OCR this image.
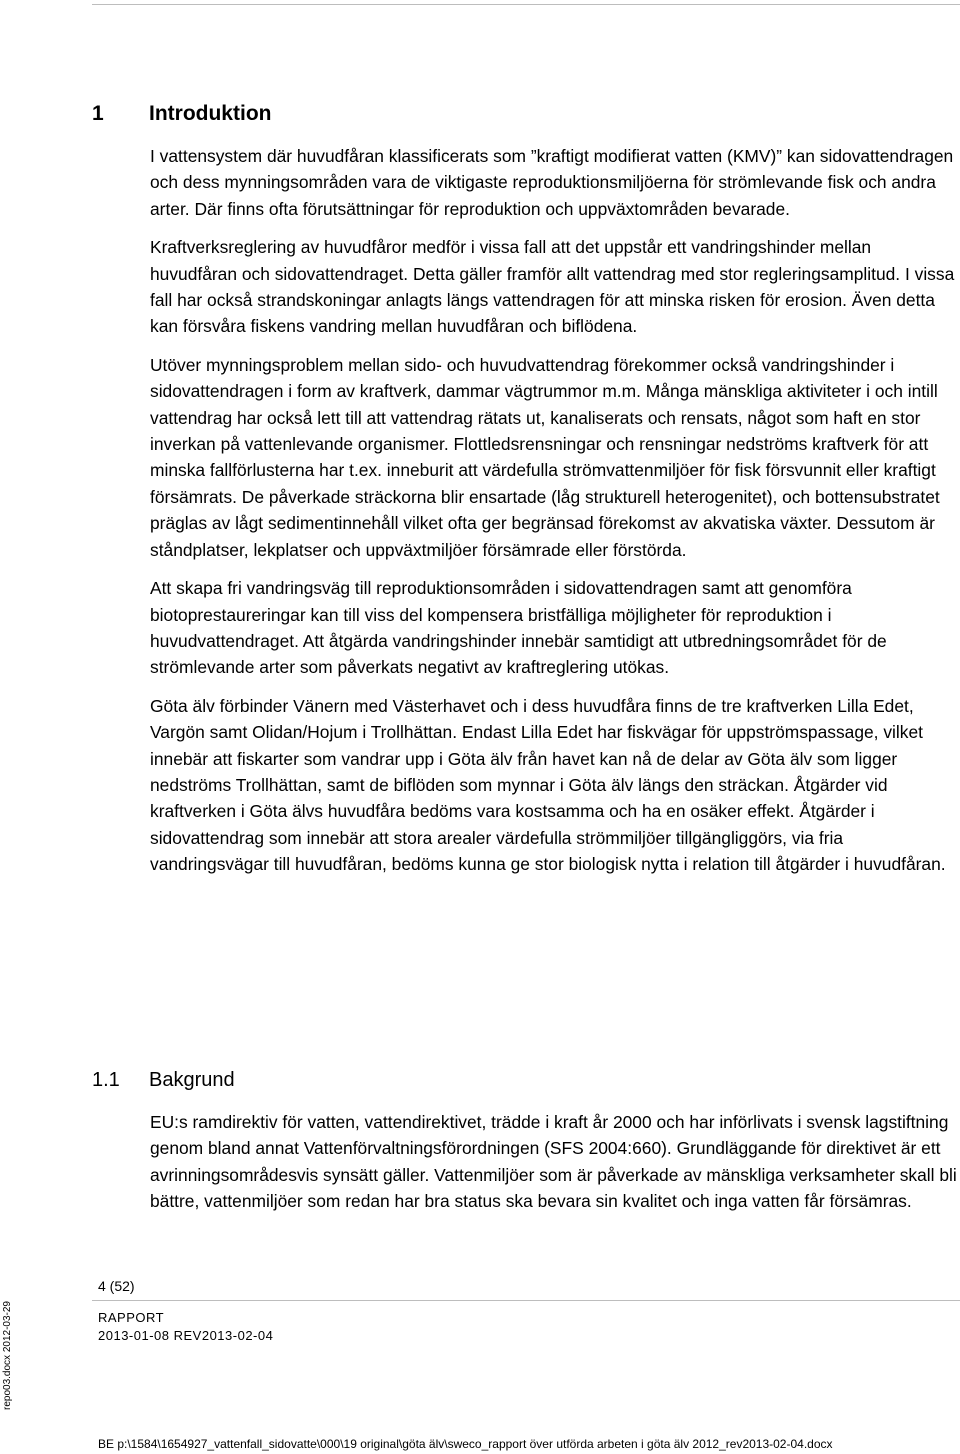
1 Introduktion

I vattensystem där huvudfåran klassificerats som ”kraftigt modifierat vatten (KMV)” kan sidovattendragen och dess mynningsområden vara de viktigaste reproduktionsmiljöerna för strömlevande fisk och andra arter. Där finns ofta förutsättningar för reproduktion och uppväxtområden bevarade.

Kraftverksreglering av huvudfåror medför i vissa fall att det uppstår ett vandringshinder mellan huvudfåran och sidovattendraget. Detta gäller framför allt vattendrag med stor regleringsamplitud. I vissa fall har också strandskoningar anlagts längs vattendragen för att minska risken för erosion. Även detta kan försvåra fiskens vandring mellan huvudfåran och biflödena.

Utöver mynningsproblem mellan sido- och huvudvattendrag förekommer också vandringshinder i sidovattendragen i form av kraftverk, dammar vägtrummor m.m. Många mänskliga aktiviteter i och intill vattendrag har också lett till att vattendrag rätats ut, kanaliserats och rensats, något som haft en stor inverkan på vattenlevande organismer. Flottledsrensningar och rensningar nedströms kraftverk för att minska fallförlusterna har t.ex. inneburit att värdefulla strömvattenmiljöer för fisk försvunnit eller kraftigt försämrats. De påverkade sträckorna blir ensartade (låg strukturell heterogenitet), och bottensubstratet präglas av lågt sedimentinnehåll vilket ofta ger begränsad förekomst av akvatiska växter. Dessutom är ståndplatser, lekplatser och uppväxtmiljöer försämrade eller förstörda.

Att skapa fri vandringsväg till reproduktionsområden i sidovattendragen samt att genomföra biotoprestaureringar kan till viss del kompensera bristfälliga möjligheter för reproduktion i huvudvattendraget. Att åtgärda vandringshinder innebär samtidigt att utbredningsområdet för de strömlevande arter som påverkats negativt av kraftreglering utökas.

Göta älv förbinder Vänern med Västerhavet och i dess huvudfåra finns de tre kraftverken Lilla Edet, Vargön samt Olidan/Hojum i Trollhättan. Endast Lilla Edet har fiskvägar för uppströmspassage, vilket innebär att fiskarter som vandrar upp i Göta älv från havet kan nå de delar av Göta älv som ligger nedströms Trollhättan, samt de biflöden som mynnar i Göta älv längs den sträckan. Åtgärder vid kraftverken i Göta älvs huvudfåra bedöms vara kostsamma och ha en osäker effekt. Åtgärder i sidovattendrag som innebär att stora arealer värdefulla strömmiljöer tillgängliggörs, via fria vandringsvägar till huvudfåran, bedöms kunna ge stor biologisk nytta i relation till åtgärder i huvudfåran.

1.1 Bakgrund

EU:s ramdirektiv för vatten, vattendirektivet, trädde i kraft år 2000 och har införlivats i svensk lagstiftning genom bland annat Vattenförvaltningsförordningen (SFS 2004:660). Grundläggande för direktivet är ett avrinningsområdesvis synsätt gäller. Vattenmiljöer som är påverkade av mänskliga verksamheter skall bli bättre, vattenmiljöer som redan har bra status ska bevara sin kvalitet och inga vatten får försämras.

4 (52)
RAPPORT
2013-01-08 REV2013-02-04
BE p:\1584\1654927_vattenfall_sidovatte\000\19 original\göta älv\sweco_rapport över utförda arbeten i göta älv 2012_rev2013-02-04.docx
repo03.docx 2012-03-29
